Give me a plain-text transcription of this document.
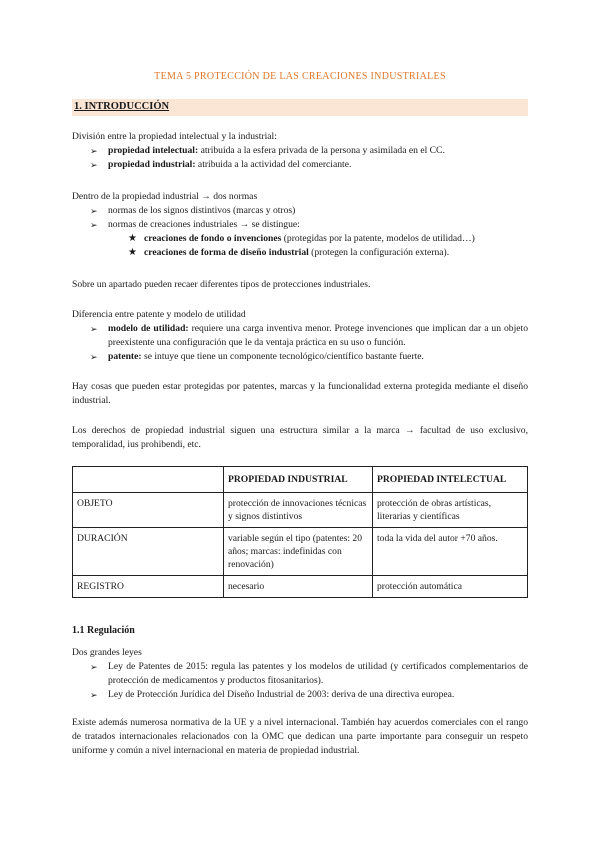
TEMA 5 PROTECCIÓN DE LAS CREACIONES INDUSTRIALES
1. INTRODUCCIÓN
División entre la propiedad intelectual y la industrial:
➢ propiedad intelectual: atribuida a la esfera privada de la persona y asimilada en el CC.
➢ propiedad industrial: atribuida a la actividad del comerciante.
Dentro de la propiedad industrial → dos normas
➢ normas de los signos distintivos (marcas y otros)
➢ normas de creaciones industriales → se distingue:
★ creaciones de fondo o invenciones (protegidas por la patente, modelos de utilidad…)
★ creaciones de forma de diseño industrial (protegen la configuración externa).
Sobre un apartado pueden recaer diferentes tipos de protecciones industriales.
Diferencia entre patente y modelo de utilidad
➢ modelo de utilidad: requiere una carga inventiva menor. Protege invenciones que implican dar a un objeto preexistente una configuración que le da ventaja práctica en su uso o función.
➢ patente: se intuye que tiene un componente tecnológico/científico bastante fuerte.
Hay cosas que pueden estar protegidas por patentes, marcas y la funcionalidad externa protegida mediante el diseño industrial.
Los derechos de propiedad industrial siguen una estructura similar a la marca → facultad de uso exclusivo, temporalidad, ius prohibendi, etc.
	PROPIEDAD INDUSTRIAL	PROPIEDAD INTELECTUAL
OBJETO	protección de innovaciones técnicas y signos distintivos	protección de obras artísticas, literarias y científicas
DURACIÓN	variable según el tipo (patentes: 20 años; marcas: indefinidas con renovación)	toda la vida del autor +70 años.
REGISTRO	necesario	protección automática
1.1 Regulación
Dos grandes leyes
➢ Ley de Patentes de 2015: regula las patentes y los modelos de utilidad (y certificados complementarios de protección de medicamentos y productos fitosanitarios).
➢ Ley de Protección Jurídica del Diseño Industrial de 2003: deriva de una directiva europea.
Existe además numerosa normativa de la UE y a nivel internacional. También hay acuerdos comerciales con el rango de tratados internacionales relacionados con la OMC que dedican una parte importante para conseguir un respeto uniforme y común a nivel internacional en materia de propiedad industrial.
